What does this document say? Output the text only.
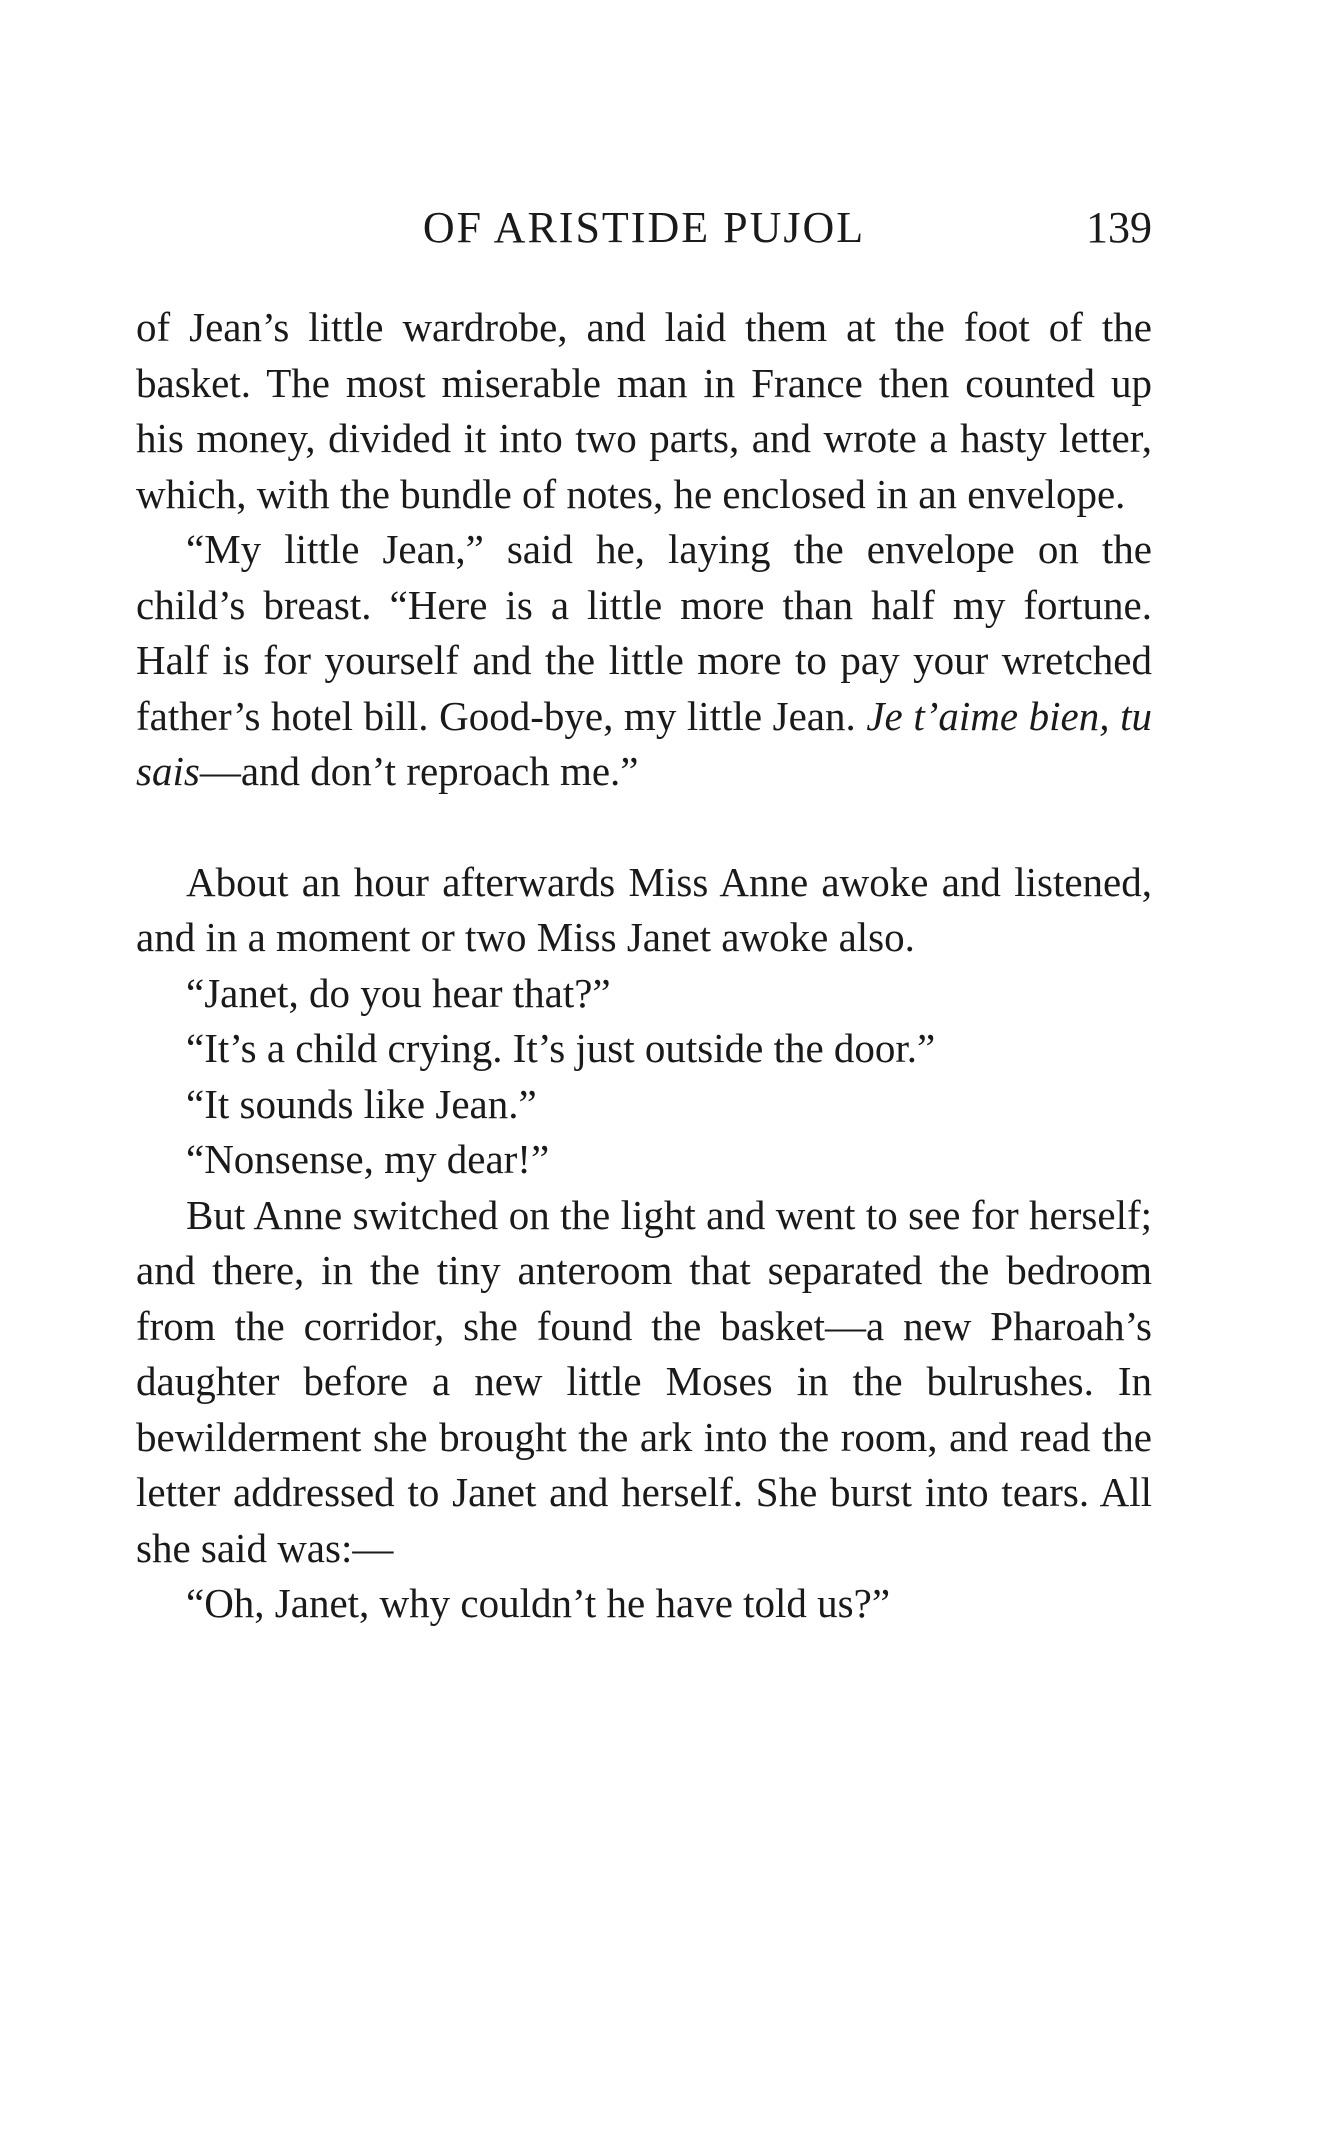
OF ARISTIDE PUJOL	139

of Jean’s little wardrobe, and laid them at the foot of the basket. The most miserable man in France then counted up his money, divided it into two parts, and wrote a hasty letter, which, with the bundle of notes, he enclosed in an envelope.

“My little Jean,” said he, laying the envelope on the child’s breast. “Here is a little more than half my fortune. Half is for yourself and the little more to pay your wretched father’s hotel bill. Good-bye, my little Jean. Je t’aime bien, tu sais—and don’t reproach me.”

About an hour afterwards Miss Anne awoke and listened, and in a moment or two Miss Janet awoke also.

“Janet, do you hear that?”

“It’s a child crying. It’s just outside the door.”

“It sounds like Jean.”

“Nonsense, my dear!”

But Anne switched on the light and went to see for herself; and there, in the tiny anteroom that separated the bedroom from the corridor, she found the basket—a new Pharoah’s daughter before a new little Moses in the bulrushes. In bewilderment she brought the ark into the room, and read the letter addressed to Janet and herself. She burst into tears. All she said was:—

“Oh, Janet, why couldn’t he have told us?”
